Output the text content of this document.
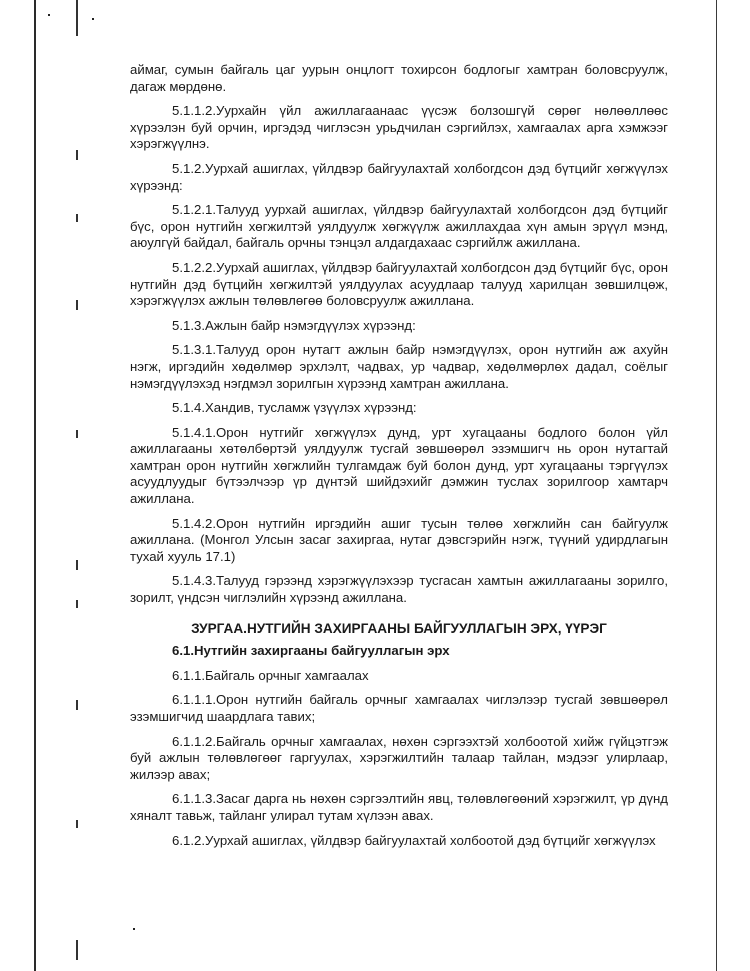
аймаг, сумын байгаль цаг уурын онцлогт тохирсон бодлогыг хамтран боловсруулж, дагаж мөрдөнө.

5.1.1.2.Уурхайн үйл ажиллагаанаас үүсэж болзошгүй сөрөг нөлөөллөөс хүрээлэн буй орчин, иргэдэд чиглэсэн урьдчилан сэргийлэх, хамгаалах арга хэмжээг хэрэгжүүлнэ.

5.1.2.Уурхай ашиглах, үйлдвэр байгуулахтай холбогдсон дэд бүтцийг хөгжүүлэх хүрээнд:

5.1.2.1.Талууд уурхай ашиглах, үйлдвэр байгуулахтай холбогдсон дэд бүтцийг бүс, орон нутгийн хөгжилтэй уялдуулж хөгжүүлж ажиллахдаа хүн амын эрүүл мэнд, аюулгүй байдал, байгаль орчны тэнцэл алдагдахаас сэргийлж ажиллана.

5.1.2.2.Уурхай ашиглах, үйлдвэр байгуулахтай холбогдсон дэд бүтцийг бүс, орон нутгийн дэд бүтцийн хөгжилтэй уялдуулах асуудлаар талууд харилцан зөвшилцөж, хэрэгжүүлэх ажлын төлөвлөгөө боловсруулж ажиллана.

5.1.3.Ажлын байр нэмэгдүүлэх хүрээнд:

5.1.3.1.Талууд орон нутагт ажлын байр нэмэгдүүлэх, орон нутгийн аж ахуйн нэгж, иргэдийн хөдөлмөр эрхлэлт, чадвах, ур чадвар, хөдөлмөрлөх дадал, соёлыг нэмэгдүүлэхэд нэгдмэл зорилгын хүрээнд хамтран ажиллана.

5.1.4.Хандив, тусламж үзүүлэх хүрээнд:

5.1.4.1.Орон нутгийг хөгжүүлэх дунд, урт хугацааны бодлого болон үйл ажиллагааны хөтөлбөртэй уялдуулж тусгай зөвшөөрөл эзэмшигч нь орон нутагтай хамтран орон нутгийн хөгжлийн тулгамдаж буй болон дунд, урт хугацааны тэргүүлэх асуудлуудыг бүтээлчээр үр дүнтэй шийдэхийг дэмжин туслах зорилгоор хамтарч ажиллана.

5.1.4.2.Орон нутгийн иргэдийн ашиг тусын төлөө хөгжлийн сан байгуулж ажиллана. (Монгол Улсын засаг захиргаа, нутаг дэвсгэрийн нэгж, түүний удирдлагын тухай хууль 17.1)

5.1.4.3.Талууд гэрээнд хэрэгжүүлэхээр тусгасан хамтын ажиллагааны зорилго, зорилт, үндсэн чиглэлийн хүрээнд ажиллана.

ЗУРГАА.НУТГИЙН ЗАХИРГААНЫ БАЙГУУЛЛАГЫН ЭРХ, ҮҮРЭГ

6.1.Нутгийн захиргааны байгууллагын эрх

6.1.1.Байгаль орчныг хамгаалах

6.1.1.1.Орон нутгийн байгаль орчныг хамгаалах чиглэлээр тусгай зөвшөөрөл эзэмшигчид шаардлага тавих;

6.1.1.2.Байгаль орчныг хамгаалах, нөхөн сэргээхтэй холбоотой хийж гүйцэтгэж буй ажлын төлөвлөгөөг гаргуулах, хэрэгжилтийн талаар тайлан, мэдээг улирлаар, жилээр авах;

6.1.1.3.Засаг дарга нь нөхөн сэргээлтийн явц, төлөвлөгөөний хэрэгжилт, үр дүнд хяналт тавьж, тайланг улирал тутам хүлээн авах.

6.1.2.Уурхай ашиглах, үйлдвэр байгуулахтай холбоотой дэд бүтцийг хөгжүүлэх
